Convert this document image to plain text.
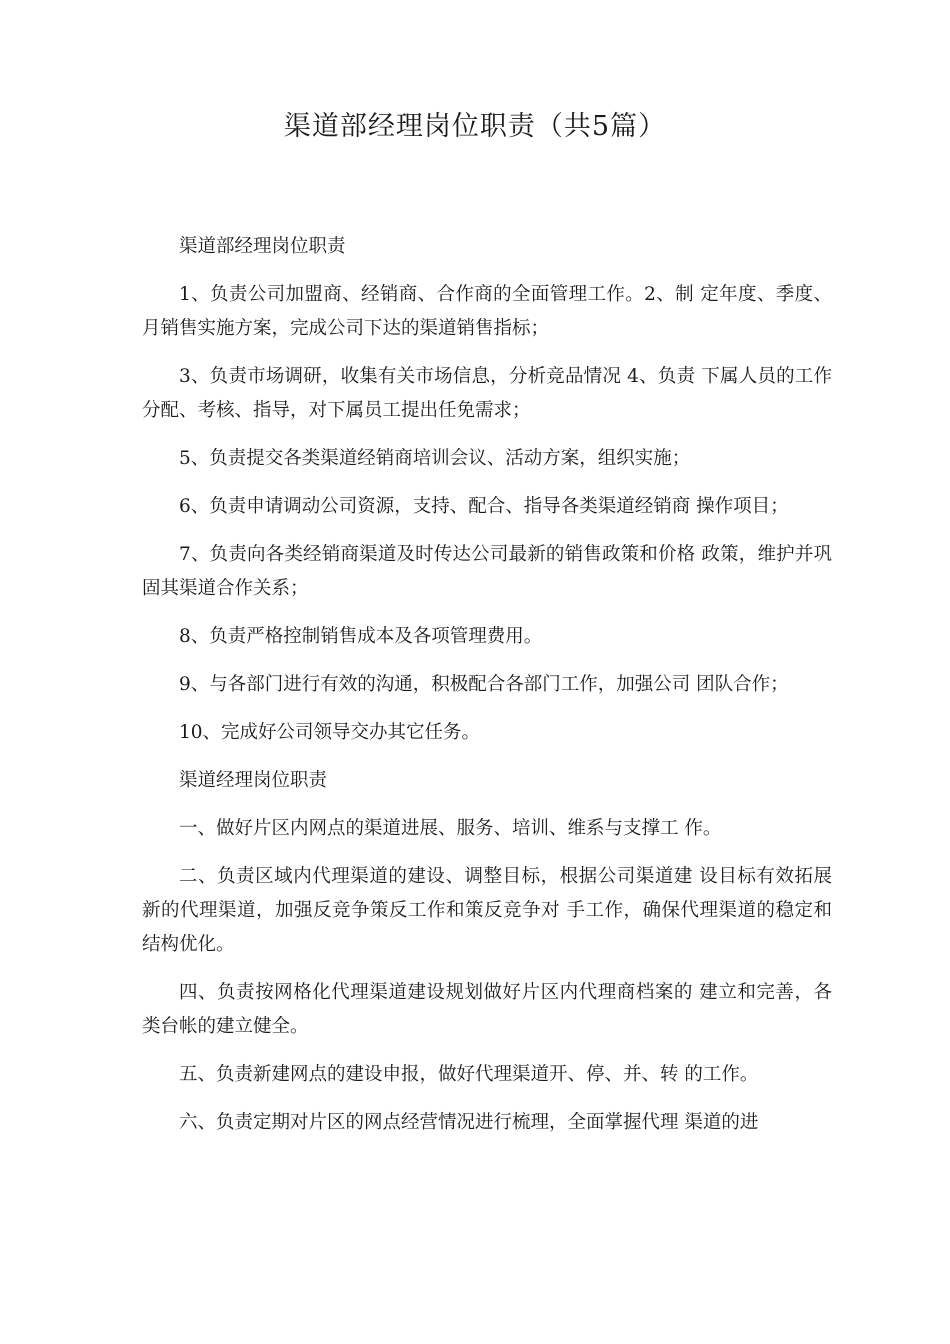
渠道部经理岗位职责（共5篇）

渠道部经理岗位职责

1、负责公司加盟商、经销商、合作商的全面管理工作。2、制 定年度、季度、月销售实施方案，完成公司下达的渠道销售指标；

3、负责市场调研，收集有关市场信息，分析竞品情况 4、负责 下属人员的工作分配、考核、指导，对下属员工提出任免需求；

5、负责提交各类渠道经销商培训会议、活动方案，组织实施；

6、负责申请调动公司资源，支持、配合、指导各类渠道经销商 操作项目；

7、负责向各类经销商渠道及时传达公司最新的销售政策和价格 政策，维护并巩固其渠道合作关系；

8、负责严格控制销售成本及各项管理费用。

9、与各部门进行有效的沟通，积极配合各部门工作，加强公司 团队合作；

10、完成好公司领导交办其它任务。

渠道经理岗位职责

一、做好片区内网点的渠道进展、服务、培训、维系与支撑工 作。

二、负责区域内代理渠道的建设、调整目标，根据公司渠道建 设目标有效拓展新的代理渠道，加强反竞争策反工作和策反竞争对 手工作，确保代理渠道的稳定和结构优化。

四、负责按网格化代理渠道建设规划做好片区内代理商档案的 建立和完善，各类台帐的建立健全。

五、负责新建网点的建设申报，做好代理渠道开、停、并、转 的工作。

六、负责定期对片区的网点经营情况进行梳理，全面掌握代理 渠道的进
